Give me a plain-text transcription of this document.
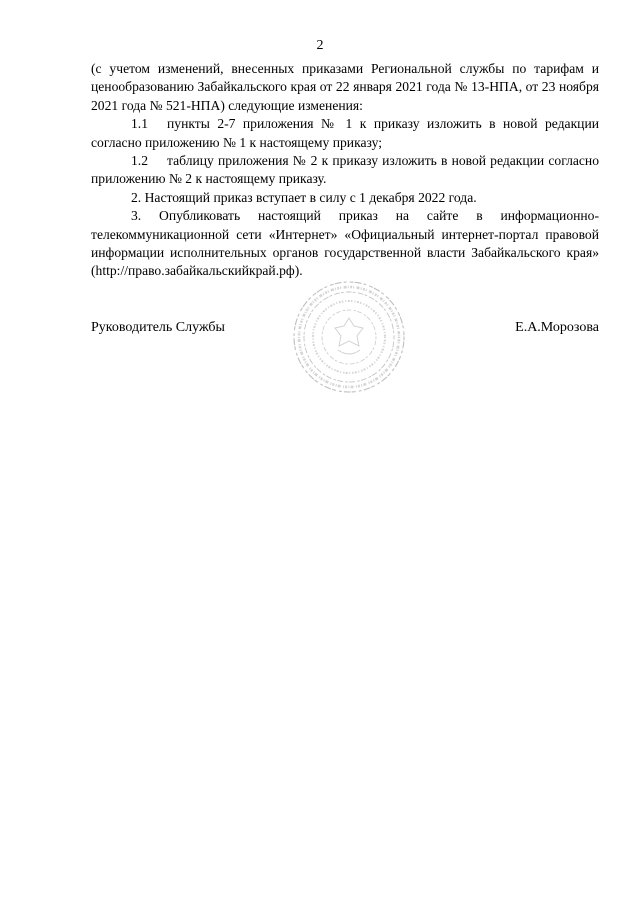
2

(с учетом изменений, внесенных приказами Региональной службы по тарифам и ценообразованию Забайкальского края от 22 января 2021 года № 13-НПА, от 23 ноября 2021 года № 521-НПА) следующие изменения:

1.1 пункты 2-7 приложения № 1 к приказу изложить в новой редакции согласно приложению № 1 к настоящему приказу;

1.2 таблицу приложения № 2 к приказу изложить в новой редакции согласно приложению № 2 к настоящему приказу.

2. Настоящий приказ вступает в силу с 1 декабря 2022 года.

3. Опубликовать настоящий приказ на сайте в информационно-телекоммуникационной сети «Интернет» «Официальный интернет-портал правовой информации исполнительных органов государственной власти Забайкальского края» (http://право.забайкальскийкрай.рф).

Руководитель Службы	Е.А.Морозова
